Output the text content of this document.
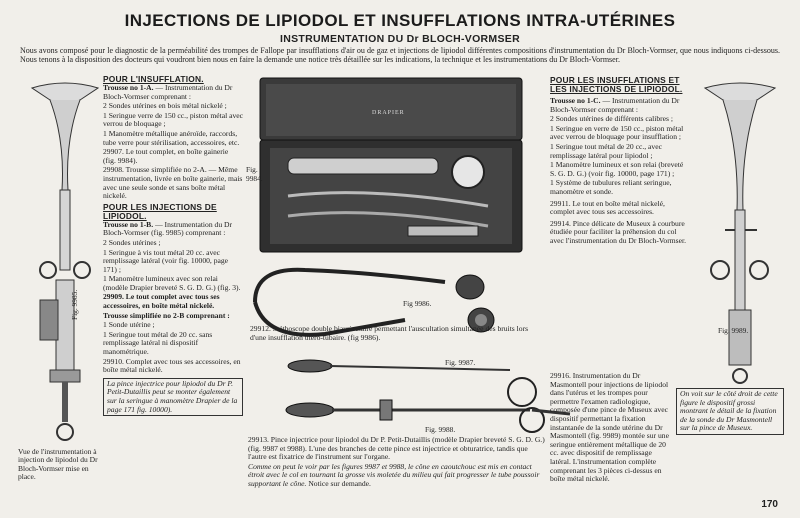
INJECTIONS DE LIPIODOL ET INSUFFLATIONS INTRA-UTÉRINES
INSTRUMENTATION DU Dr BLOCH-VORMSER
Nous avons composé pour le diagnostic de la perméabilité des trompes de Fallope par insufflations d'air ou de gaz et injections de lipiodol différentes compositions d'instrumentation du Dr Bloch-Vormser, que nous indiquons ci-dessous. Nous tenons à la disposition des docteurs qui voudront bien nous en faire la demande une notice très détaillée sur les indications, la technique et les instrumentations du Dr Bloch-Vormser.
Fig. 9985.
Vue de l'instrumentation à injection de lipiodol du Dr Bloch-Vormser mise en place.
POUR L'INSUFFLATION.

Trousse no 1-A. — Instrumentation du Dr Bloch-Vormser comprenant :

2 Sondes utérines en bois métal nickelé ;

1 Seringue verre de 150 cc., piston métal avec verrou de bloquage ;

1 Manomètre métallique anéroïde, raccords, tube verre pour stérilisation, accessoires, etc.

29907. Le tout complet, en boîte gainerie (fig. 9984).

29908. Trousse simplifiée no 2-A. — Même instrumentation, livrée en boîte gainerie, mais avec une seule sonde et sans boîte métal nickelé.

POUR LES INJECTIONS DE LIPIODOL.

Trousse no 1-B. — Instrumentation du Dr Bloch-Vormser (fig. 9985) comprenant :

2 Sondes utérines ;

1 Seringue à vis tout métal 20 cc. avec remplissage latéral (voir fig. 10000, page 171) ;

1 Manomètre lumineux avec son relai (modèle Drapier breveté S. G. D. G.) (fig. 3).

29909. Le tout complet avec tous ses accessoires, en boîte métal nickelé.

Trousse simplifiée no 2-B comprenant :

1 Sonde utérine ;

1 Seringue tout métal de 20 cc. sans remplissage latéral ni dispositif manométrique.

29910. Complet avec tous ses accessoires, en boîte métal nickelé.

La pince injectrice pour lipiodol du Dr P. Petit-Dutaillis peut se monter également sur la seringue à manomètre Drapier de la page 171 fig. 10000).
DRAPIER
Fig. 9984.
Fig 9986.
29912. Stéthoscope double biauriculaire permettant l'auscultation simultanée des bruits lors d'une insufflation utéro-tubaire. (fig 9986).
Fig. 9987.
Fig. 9988.

29913. Pince injectrice pour lipiodol du Dr P. Petit-Dutaillis (modèle Drapier breveté S. G. D. G.) (fig. 9987 et 9988). L'une des branches de cette pince est injectrice et obturatrice, tandis que l'autre est fixatrice de l'instrument sur l'organe.

Comme on peut le voir par les figures 9987 et 9988, le cône en caoutchouc est mis en contact étroit avec le col en tournant la grosse vis moletée du milieu qui fait progresser le tube poussoir supportant le cône. Notice sur demande.

POUR LES INSUFFLATIONS ET LES INJECTIONS DE LIPIODOL.

Trousse no 1-C. — Instrumentation du Dr Bloch-Vormser comprenant :

2 Sondes utérines de différents calibres ;

1 Seringue en verre de 150 cc., piston métal avec verrou de bloquage pour insufflation ;

1 Seringue tout métal de 20 cc., avec remplissage latéral pour lipiodol ;

1 Manomètre lumineux et son relai (breveté S. G. D. G.) (voir fig. 10000, page 171) ;

1 Système de tubulures reliant seringue, manomètre et sonde.

29911. Le tout en boîte métal nickelé, complet avec tous ses accessoires.

29914. Pince délicate de Museux à courbure étudiée pour faciliter la préhension du col avec l'instrumentation du Dr Bloch-Vormser.

29916. Instrumentation du Dr Masmontell pour injections de lipiodol dans l'utérus et les trompes pour permettre l'examen radiologique, composée d'une pince de Museux avec dispositif permettant la fixation instantanée de la sonde utérine du Dr Masmontell (fig. 9989) montée sur une seringue entièrement métallique de 20 cc. avec dispositif de remplissage latéral. L'instrumentation complète comprenant les 3 pièces ci-dessus en boîte métal nickelé.
On voit sur le côté droit de cette figure le dispositif grossi montrant le détail de la fixation de la sonde du Dr Masmontell sur la pince de Museux.
Fig. 9989.
170
